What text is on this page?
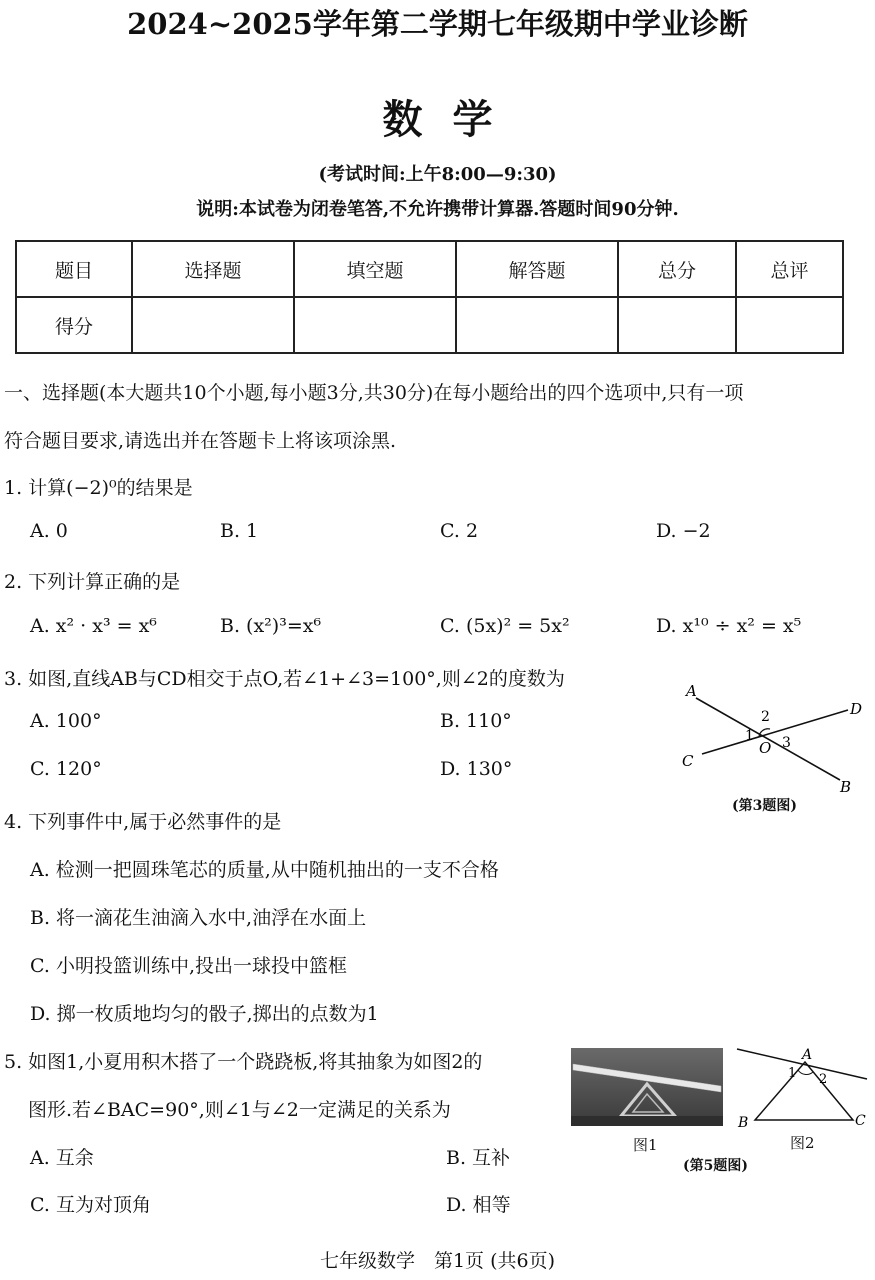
2024~2025学年第二学期七年级期中学业诊断
数学
(考试时间:上午8:00—9:30)
说明:本试卷为闭卷笔答,不允许携带计算器.答题时间90分钟.
题目	选择题	填空题	解答题	总分	总评
得分					
一、选择题(本大题共10个小题,每小题3分,共30分)在每小题给出的四个选项中,只有一项
符合题目要求,请选出并在答题卡上将该项涂黑.
1. 计算(−2)⁰的结果是
A. 0	B. 1	C. 2	D. −2
2. 下列计算正确的是
A. x² · x³ = x⁶	B. (x²)³=x⁶	C. (5x)² = 5x²	D. x¹⁰ ÷ x² = x⁵
3. 如图,直线AB与CD相交于点O,若∠1+∠3=100°,则∠2的度数为
A. 100°	B. 110°
C. 120°	D. 130°
A
B
C
D
O
1
2
3
(第3题图)
4. 下列事件中,属于必然事件的是
A. 检测一把圆珠笔芯的质量,从中随机抽出的一支不合格
B. 将一滴花生油滴入水中,油浮在水面上
C. 小明投篮训练中,投出一球投中篮框
D. 掷一枚质地均匀的骰子,掷出的点数为1
5. 如图1,小夏用积木搭了一个跷跷板,将其抽象为如图2的
图形.若∠BAC=90°,则∠1与∠2一定满足的关系为
A. 互余	B. 互补
C. 互为对顶角	D. 相等
图1
A
B	C
1 2
图2
(第5题图)
七年级数学　第1页 (共6页)
